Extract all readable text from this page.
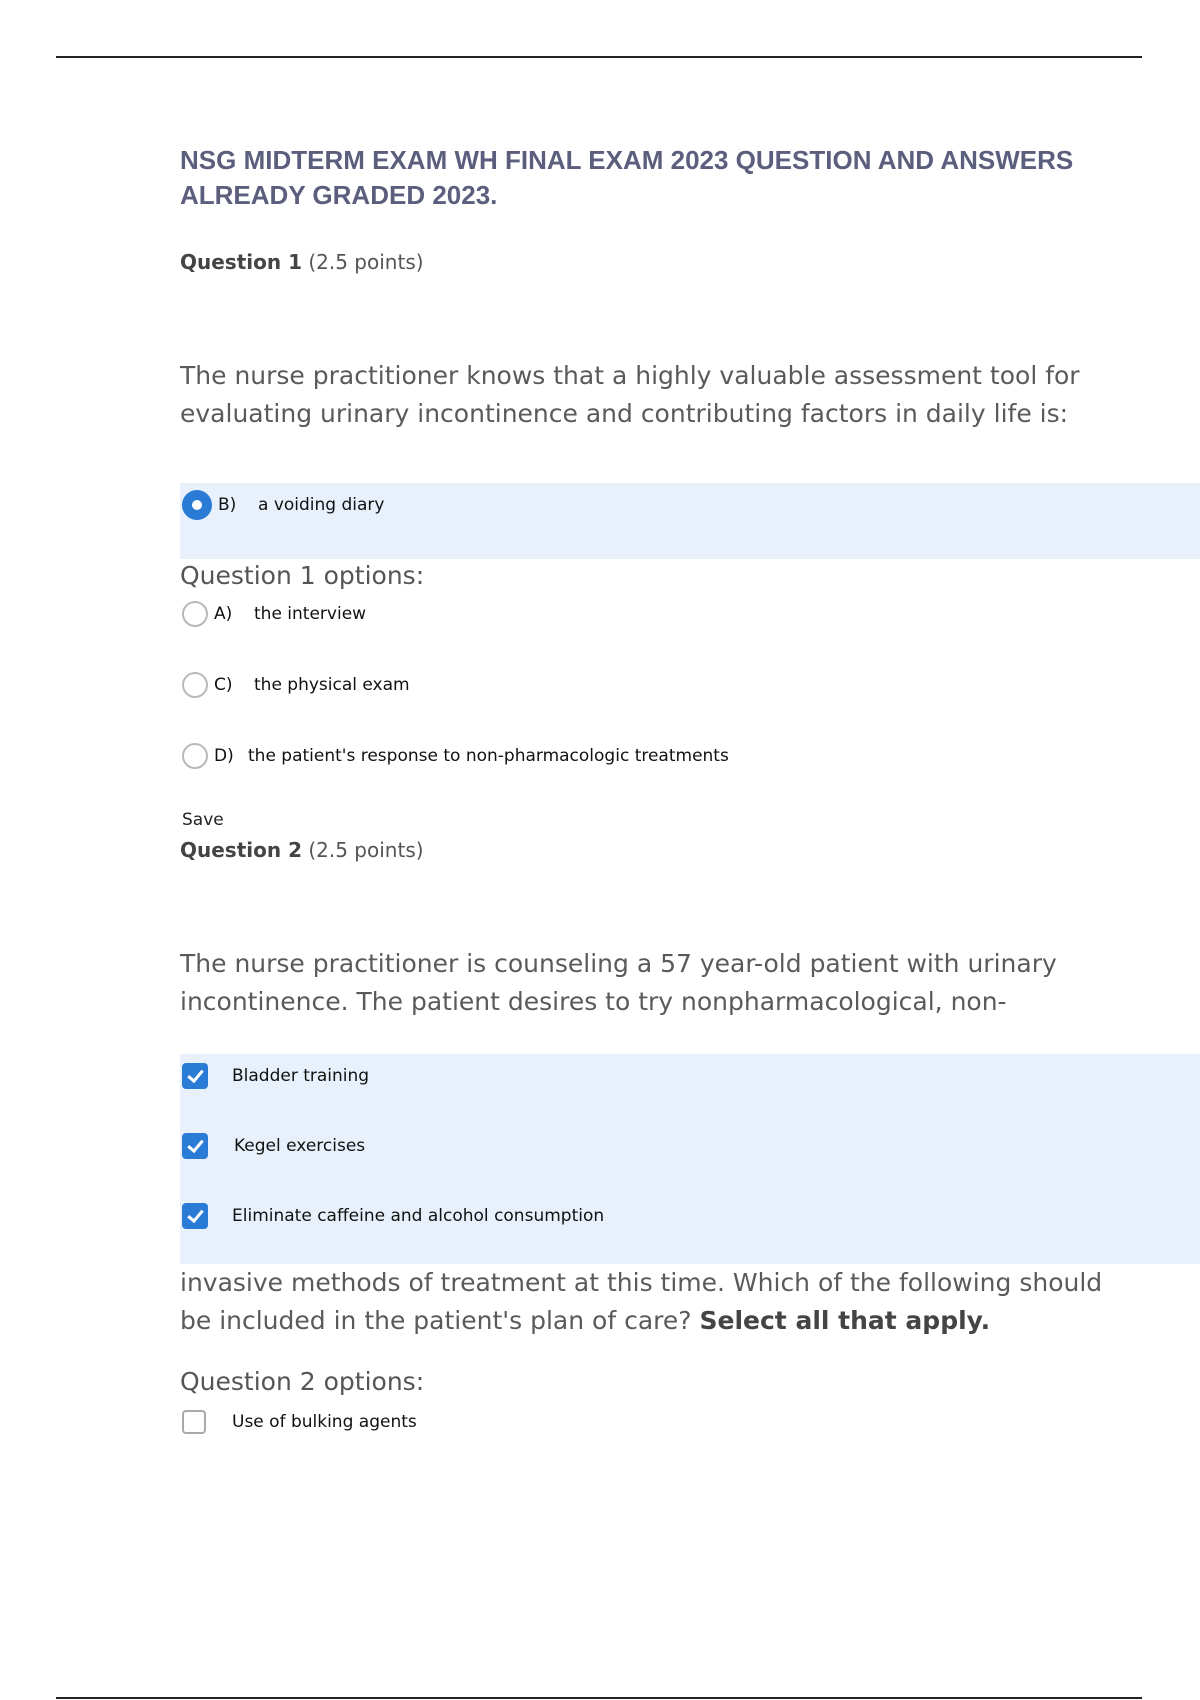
NSG MIDTERM EXAM WH FINAL EXAM 2023 QUESTION AND ANSWERS ALREADY GRADED 2023.

Question 1 (2.5 points)

The nurse practitioner knows that a highly valuable assessment tool for evaluating urinary incontinence and contributing factors in daily life is:

B)	a voiding diary

Question 1 options:

A)	the interview
C)	the physical exam
D) the patient's response to non-pharmacologic treatments
Save

Question 2 (2.5 points)

The nurse practitioner is counseling a 57 year-old patient with urinary incontinence. The patient desires to try nonpharmacological, non-

Bladder training
Kegel exercises
Eliminate caffeine and alcohol consumption

invasive methods of treatment at this time. Which of the following should be included in the patient's plan of care? Select all that apply.

Question 2 options:

Use of bulking agents
